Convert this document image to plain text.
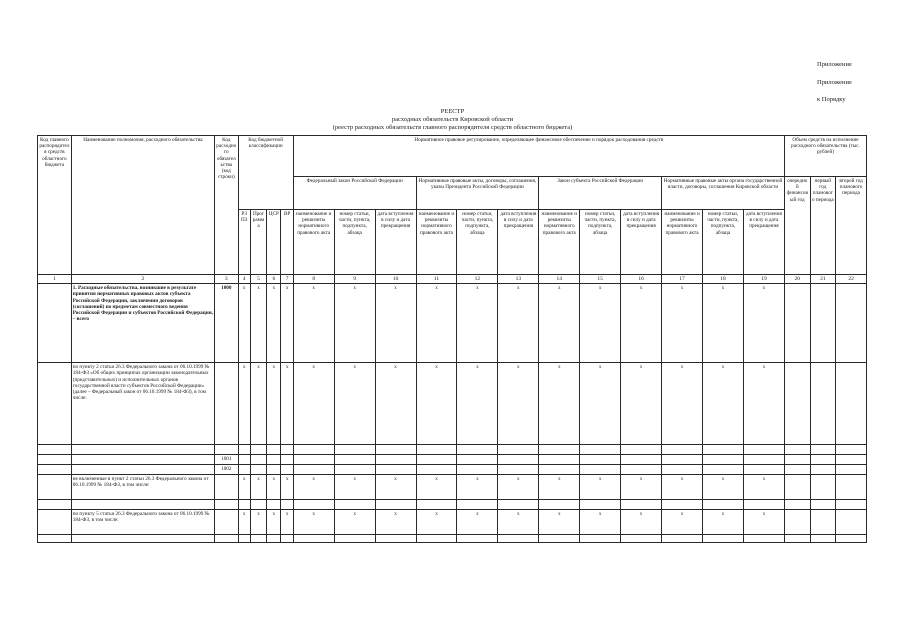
Приложение
Приложение
к Порядку
РЕЕСТР
расходных обязательств Кировской области
(реестр расходных обязательств главного распорядителя средств областного бюджета)
Код главного распорядителя средств областного бюджета	Наименование полномочия, расходного обязательства	Код расходного обязательства (код строки)	Код бюджетной классификации				Нормативное правовое регулирование, определяющее финансовое обеспечение и порядок расходования средств												Объем средств на исполнение расходного обязательства (тыс. рублей)		
							Федеральный закон Российской Федерации			Нормативные правовые акты, договоры, соглашения, указы Президента Российской Федерации			Закон субъекта Российской Федерации			Нормативные правовые акты органа государственной власти, договоры, соглашения Кировской области			очередной финансовый год	первый год планового периода	второй год планового периода
			РЗ ПЗ	Программа	ЦСР	ВР	наименование и реквизиты нормативного правового акта	номер статьи, части, пункта, подпункта, абзаца	дата вступления в силу и дата прекращения	наименование и реквизиты нормативного правового акта	номер статьи, части, пункта, подпункта, абзаца	дата вступления в силу и дата прекращения	наименование и реквизиты нормативного правового акта	номер статьи, части, пункта, подпункта, абзаца	дата вступления в силу и дата прекращения	наименование и реквизиты нормативного правового акта	номер статьи, части, пункта, подпункта, абзаца	дата вступления в силу и дата прекращения			
1	2	3	4	5	6	7	8	9	10	11	12	13	14	15	16	17	18	19	20	21	22
	1. Расходные обязательства, возникшие в результате принятия нормативных правовых актов субъекта Российской Федерации, заключения договоров (соглашений) по предметам совместного ведения Российской Федерации и субъектов Российской Федерации, – всего	1000	x	x	x	x	x	x	x	x	x	x	x	x	x	x	x	x			
	по пункту 2 статьи 26.3 Федерального закона от 06.10.1999 № 184-ФЗ «Об общих принципах организации законодательных (представительных) и исполнительных органов государственной власти субъектов Российской Федерации» (далее – Федеральный закон от 06.10.1999 № 184-ФЗ), в том числе:		x	x	x	x	x	x	x	x	x	x	x	x	x	x	x	x			

		1001																			
		1002																			
	не включенные в пункт 2 статьи 26.3 Федерального закона от 06.10.1999 № 184-ФЗ, в том числе:		x	x	x	x	x	x	x	x	x	x	x	x	x	x	x	x			

	по пункту 5 статьи 26.3 Федерального закона от 06.10.1999 № 184-ФЗ, в том числе:		x	x	x	x	x	x	x	x	x	x	x	x	x	x	x	x			
